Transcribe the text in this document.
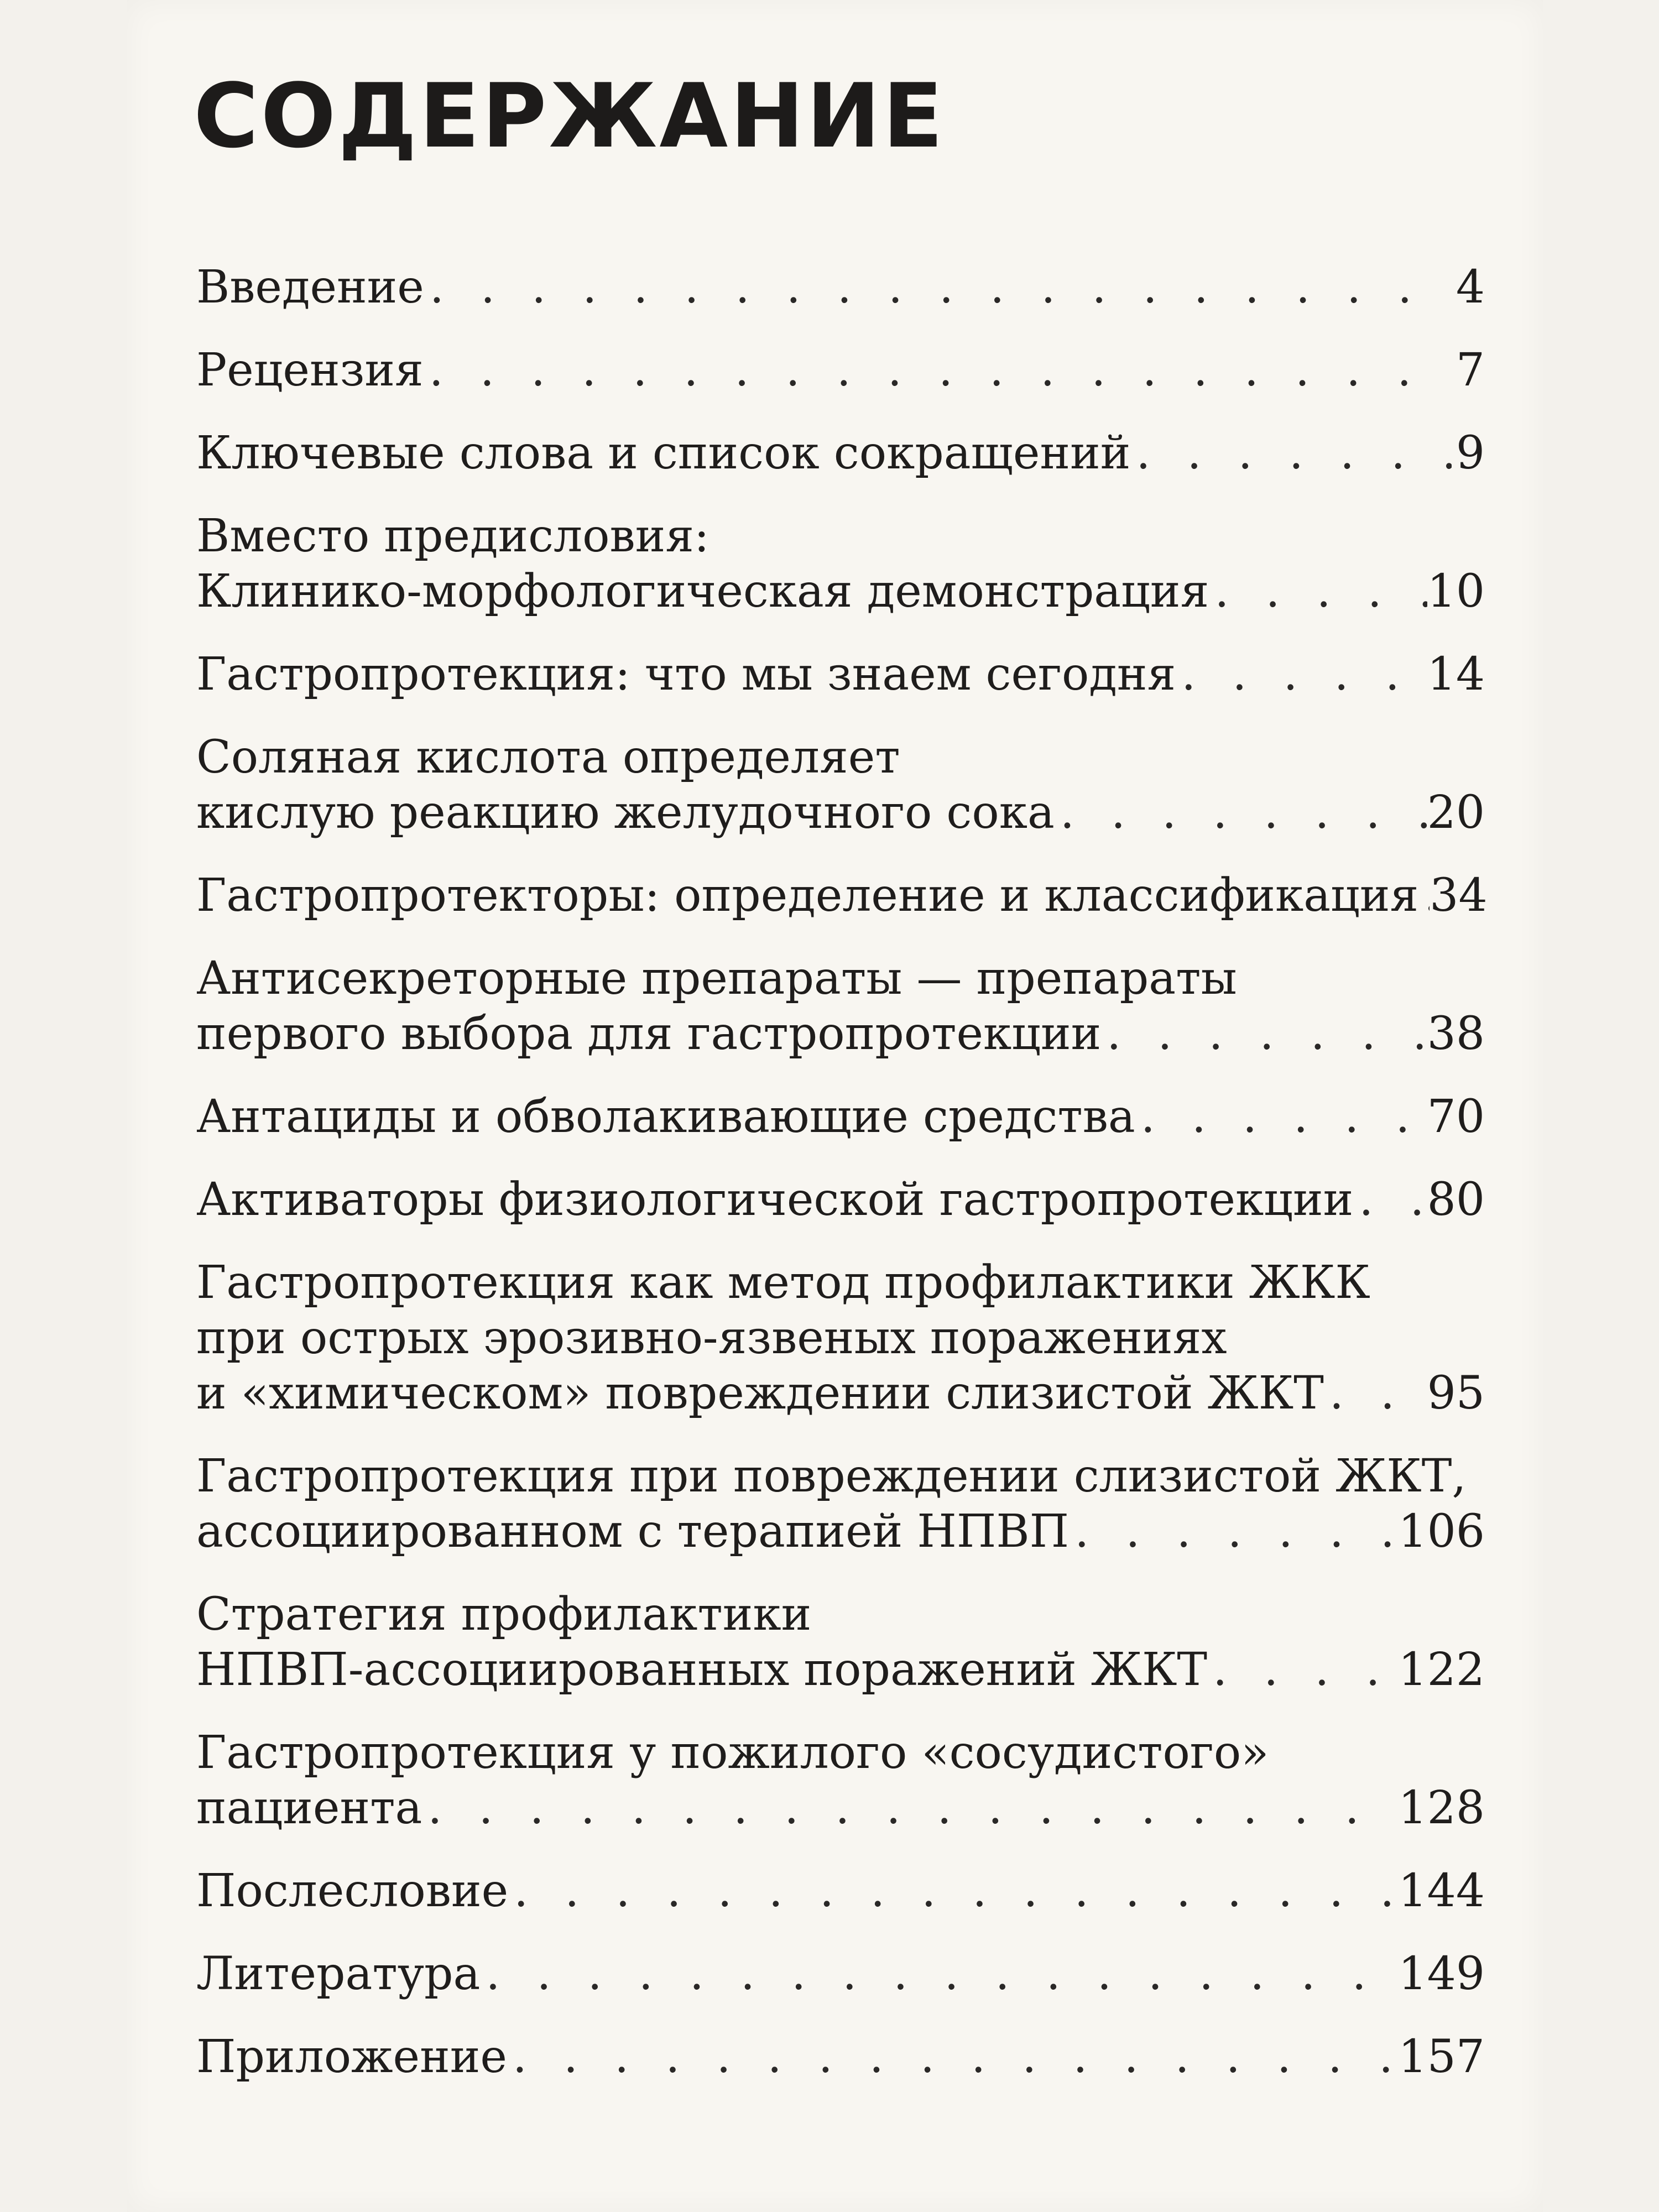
СОДЕРЖАНИЕ
Введение . . .	4
Рецензия . . .	7
Ключевые слова и список сокращений . . .	9
Вместо предисловия:
Клинико-морфологическая демонстрация . . .	10
Гастропротекция: что мы знаем сегодня . . .	14
Соляная кислота определяет
кислую реакцию желудочного сока . . .	20
Гастропротекторы: определение и классификация . . . 34
Антисекреторные препараты — препараты
первого выбора для гастропротекции . . .	38
Антациды и обволакивающие средства . . .	70
Активаторы физиологической гастропротекции . . . 80
Гастропротекция как метод профилактики ЖКК
при острых эрозивно-язвеных поражениях
и «химическом» повреждении слизистой ЖКТ . . . 95
Гастропротекция при повреждении слизистой ЖКТ,
ассоциированном с терапией НПВП . . .	106
Стратегия профилактики
НПВП-ассоциированных поражений ЖКТ . . .	122
Гастропротекция у пожилого «сосудистого»
пациента . . .	128
Послесловие . . .	144
Литература . . .	149
Приложение . . .	157
